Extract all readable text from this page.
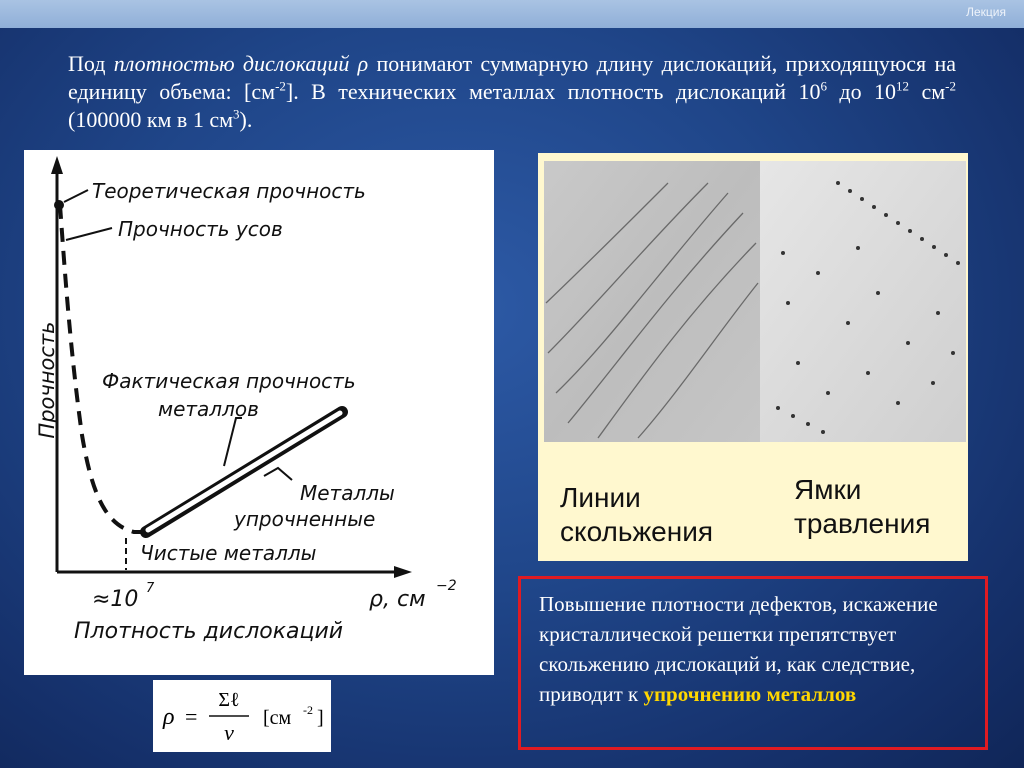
Лекция
Под плотностью дислокаций ρ понимают суммарную длину дислокаций, приходящуюся на единицу объема: $[см^{-2}]$. В технических металлах плотность дислокаций $10^6$ до $10^{12}$ $см^{-2}$ (100000 км в 1 $см^3$).
Теоретическая прочность
Прочность усов
Фактическая прочность
металлов
Металлы
упрочненные
Чистые металлы
Прочность
Плотность дислокаций
≈10 7	ρ, см
−2
Линии
скольжения
Ямки
травления
ρ =
Σℓ
ν
[см -2 ]
Повышение плотности дефектов, искажение кристаллической решетки препятствует скольжению дислокаций и, как следствие, приводит к упрочнению металлов
